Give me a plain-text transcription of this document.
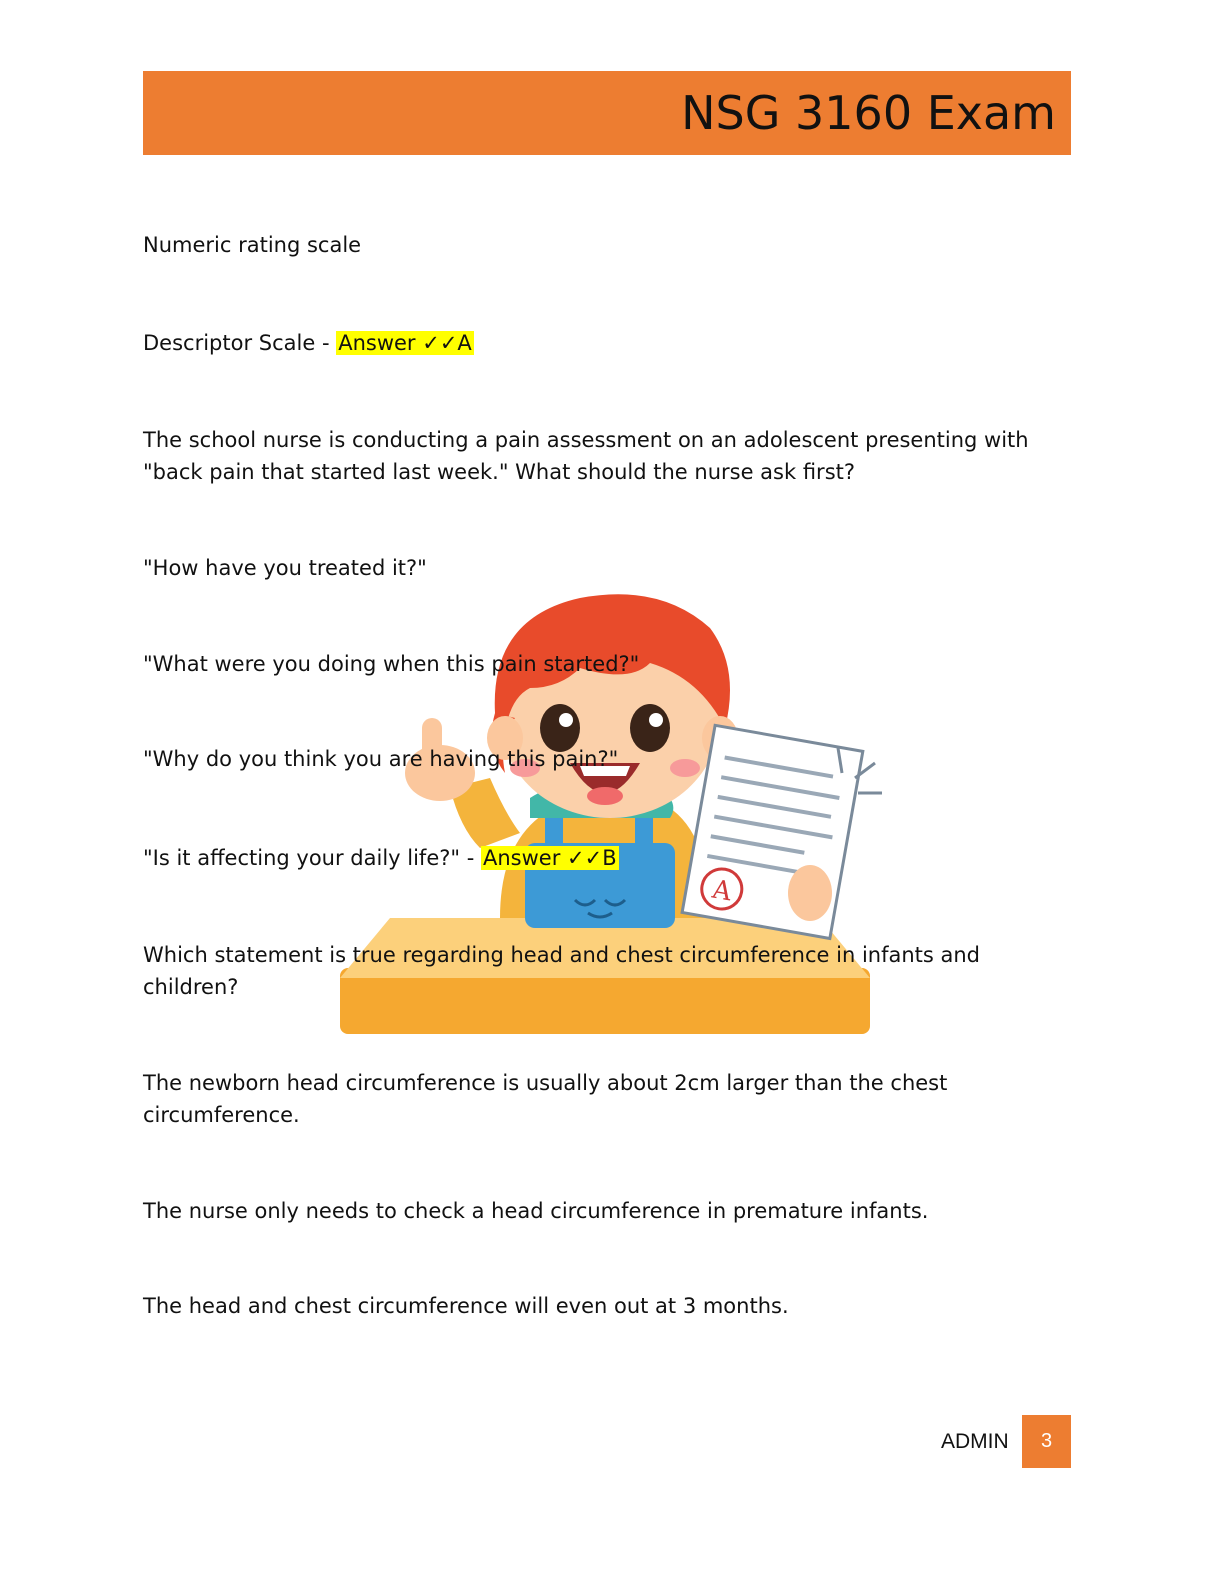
NSG 3160 Exam
A

Numeric rating scale

Descriptor Scale - Answer ✓✓A

The school nurse is conducting a pain assessment on an adolescent presenting with "back pain that started last week." What should the nurse ask first?

"How have you treated it?"

"What were you doing when this pain started?"

"Why do you think you are having this pain?"

"Is it affecting your daily life?" - Answer ✓✓B

Which statement is true regarding head and chest circumference in infants and children?

The newborn head circumference is usually about 2cm larger than the chest circumference.

The nurse only needs to check a head circumference in premature infants.

The head and chest circumference will even out at 3 months.

ADMIN	3
